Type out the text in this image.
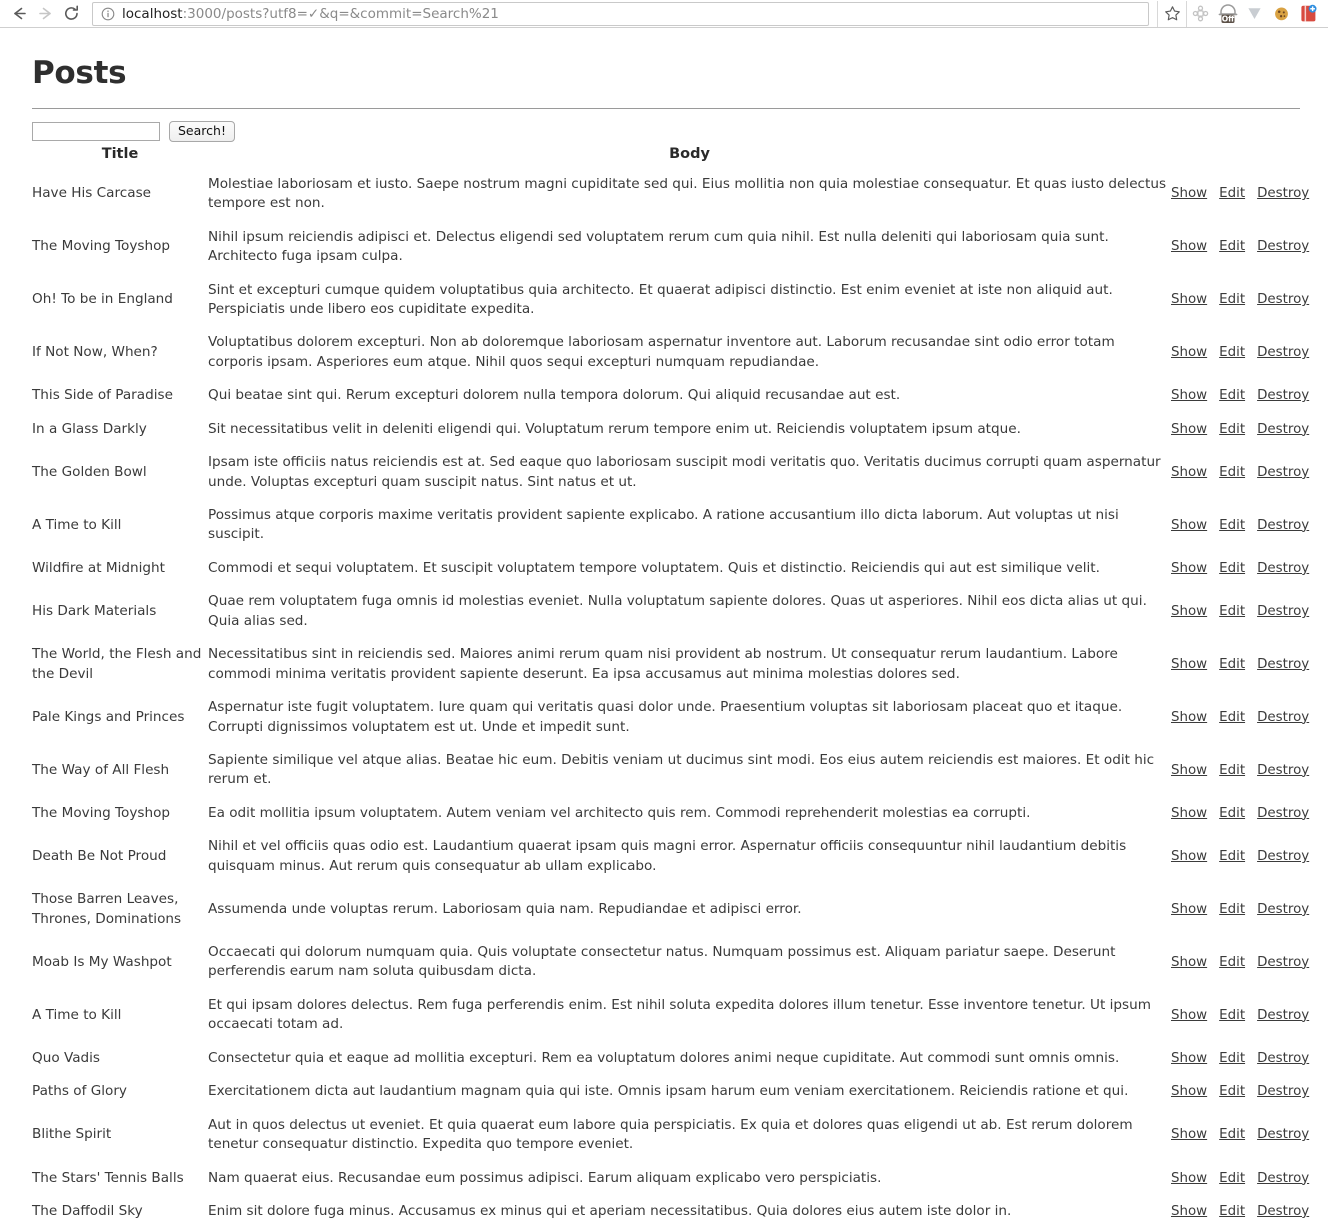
localhost:3000/posts?utf8=✓&q=&commit=Search%21	Off
Posts
Search!
Title	Body	
Have His Carcase	Molestiae laboriosam et iusto. Saepe nostrum magni cupiditate sed qui. Eius mollitia non quia molestiae consequatur. Et quas iusto delectus tempore est non.	Show Edit Destroy
The Moving Toyshop	Nihil ipsum reiciendis adipisci et. Delectus eligendi sed voluptatem rerum cum quia nihil. Est nulla deleniti qui laboriosam quia sunt. Architecto fuga ipsam culpa.	Show Edit Destroy
Oh! To be in England	Sint et excepturi cumque quidem voluptatibus quia architecto. Et quaerat adipisci distinctio. Est enim eveniet at iste non aliquid aut. Perspiciatis unde libero eos cupiditate expedita.	Show Edit Destroy
If Not Now, When?	Voluptatibus dolorem excepturi. Non ab doloremque laboriosam aspernatur inventore aut. Laborum recusandae sint odio error totam corporis ipsam. Asperiores eum atque. Nihil quos sequi excepturi numquam repudiandae.	Show Edit Destroy
This Side of Paradise	Qui beatae sint qui. Rerum excepturi dolorem nulla tempora dolorum. Qui aliquid recusandae aut est.	Show Edit Destroy
In a Glass Darkly	Sit necessitatibus velit in deleniti eligendi qui. Voluptatum rerum tempore enim ut. Reiciendis voluptatem ipsum atque.	Show Edit Destroy
The Golden Bowl	Ipsam iste officiis natus reiciendis est at. Sed eaque quo laboriosam suscipit modi veritatis quo. Veritatis ducimus corrupti quam aspernatur unde. Voluptas excepturi quam suscipit natus. Sint natus et ut.	Show Edit Destroy
A Time to Kill	Possimus atque corporis maxime veritatis provident sapiente explicabo. A ratione accusantium illo dicta laborum. Aut voluptas ut nisi suscipit.	Show Edit Destroy
Wildfire at Midnight	Commodi et sequi voluptatem. Et suscipit voluptatem tempore voluptatem. Quis et distinctio. Reiciendis qui aut est similique velit.	Show Edit Destroy
His Dark Materials	Quae rem voluptatem fuga omnis id molestias eveniet. Nulla voluptatum sapiente dolores. Quas ut asperiores. Nihil eos dicta alias ut qui. Quia alias sed.	Show Edit Destroy
The World, the Flesh and the Devil	Necessitatibus sint in reiciendis sed. Maiores animi rerum quam nisi provident ab nostrum. Ut consequatur rerum laudantium. Labore commodi minima veritatis provident sapiente deserunt. Ea ipsa accusamus aut minima molestias dolores sed.	Show Edit Destroy
Pale Kings and Princes	Aspernatur iste fugit voluptatem. Iure quam qui veritatis quasi dolor unde. Praesentium voluptas sit laboriosam placeat quo et itaque. Corrupti dignissimos voluptatem est ut. Unde et impedit sunt.	Show Edit Destroy
The Way of All Flesh	Sapiente similique vel atque alias. Beatae hic eum. Debitis veniam ut ducimus sint modi. Eos eius autem reiciendis est maiores. Et odit hic rerum et.	Show Edit Destroy
The Moving Toyshop	Ea odit mollitia ipsum voluptatem. Autem veniam vel architecto quis rem. Commodi reprehenderit molestias ea corrupti.	Show Edit Destroy
Death Be Not Proud	Nihil et vel officiis quas odio est. Laudantium quaerat ipsam quis magni error. Aspernatur officiis consequuntur nihil laudantium debitis quisquam minus. Aut rerum quis consequatur ab ullam explicabo.	Show Edit Destroy
Those Barren Leaves, Thrones, Dominations	Assumenda unde voluptas rerum. Laboriosam quia nam. Repudiandae et adipisci error.	Show Edit Destroy
Moab Is My Washpot	Occaecati qui dolorum numquam quia. Quis voluptate consectetur natus. Numquam possimus est. Aliquam pariatur saepe. Deserunt perferendis earum nam soluta quibusdam dicta.	Show Edit Destroy
A Time to Kill	Et qui ipsam dolores delectus. Rem fuga perferendis enim. Est nihil soluta expedita dolores illum tenetur. Esse inventore tenetur. Ut ipsum occaecati totam ad.	Show Edit Destroy
Quo Vadis	Consectetur quia et eaque ad mollitia excepturi. Rem ea voluptatum dolores animi neque cupiditate. Aut commodi sunt omnis omnis.	Show Edit Destroy
Paths of Glory	Exercitationem dicta aut laudantium magnam quia qui iste. Omnis ipsam harum eum veniam exercitationem. Reiciendis ratione et qui.	Show Edit Destroy
Blithe Spirit	Aut in quos delectus ut eveniet. Et quia quaerat eum labore quia perspiciatis. Ex quia et dolores quas eligendi ut ab. Est rerum dolorem tenetur consequatur distinctio. Expedita quo tempore eveniet.	Show Edit Destroy
The Stars' Tennis Balls	Nam quaerat eius. Recusandae eum possimus adipisci. Earum aliquam explicabo vero perspiciatis.	Show Edit Destroy
The Daffodil Sky	Enim sit dolore fuga minus. Accusamus ex minus qui et aperiam necessitatibus. Quia dolores eius autem iste dolor in.	Show Edit Destroy
